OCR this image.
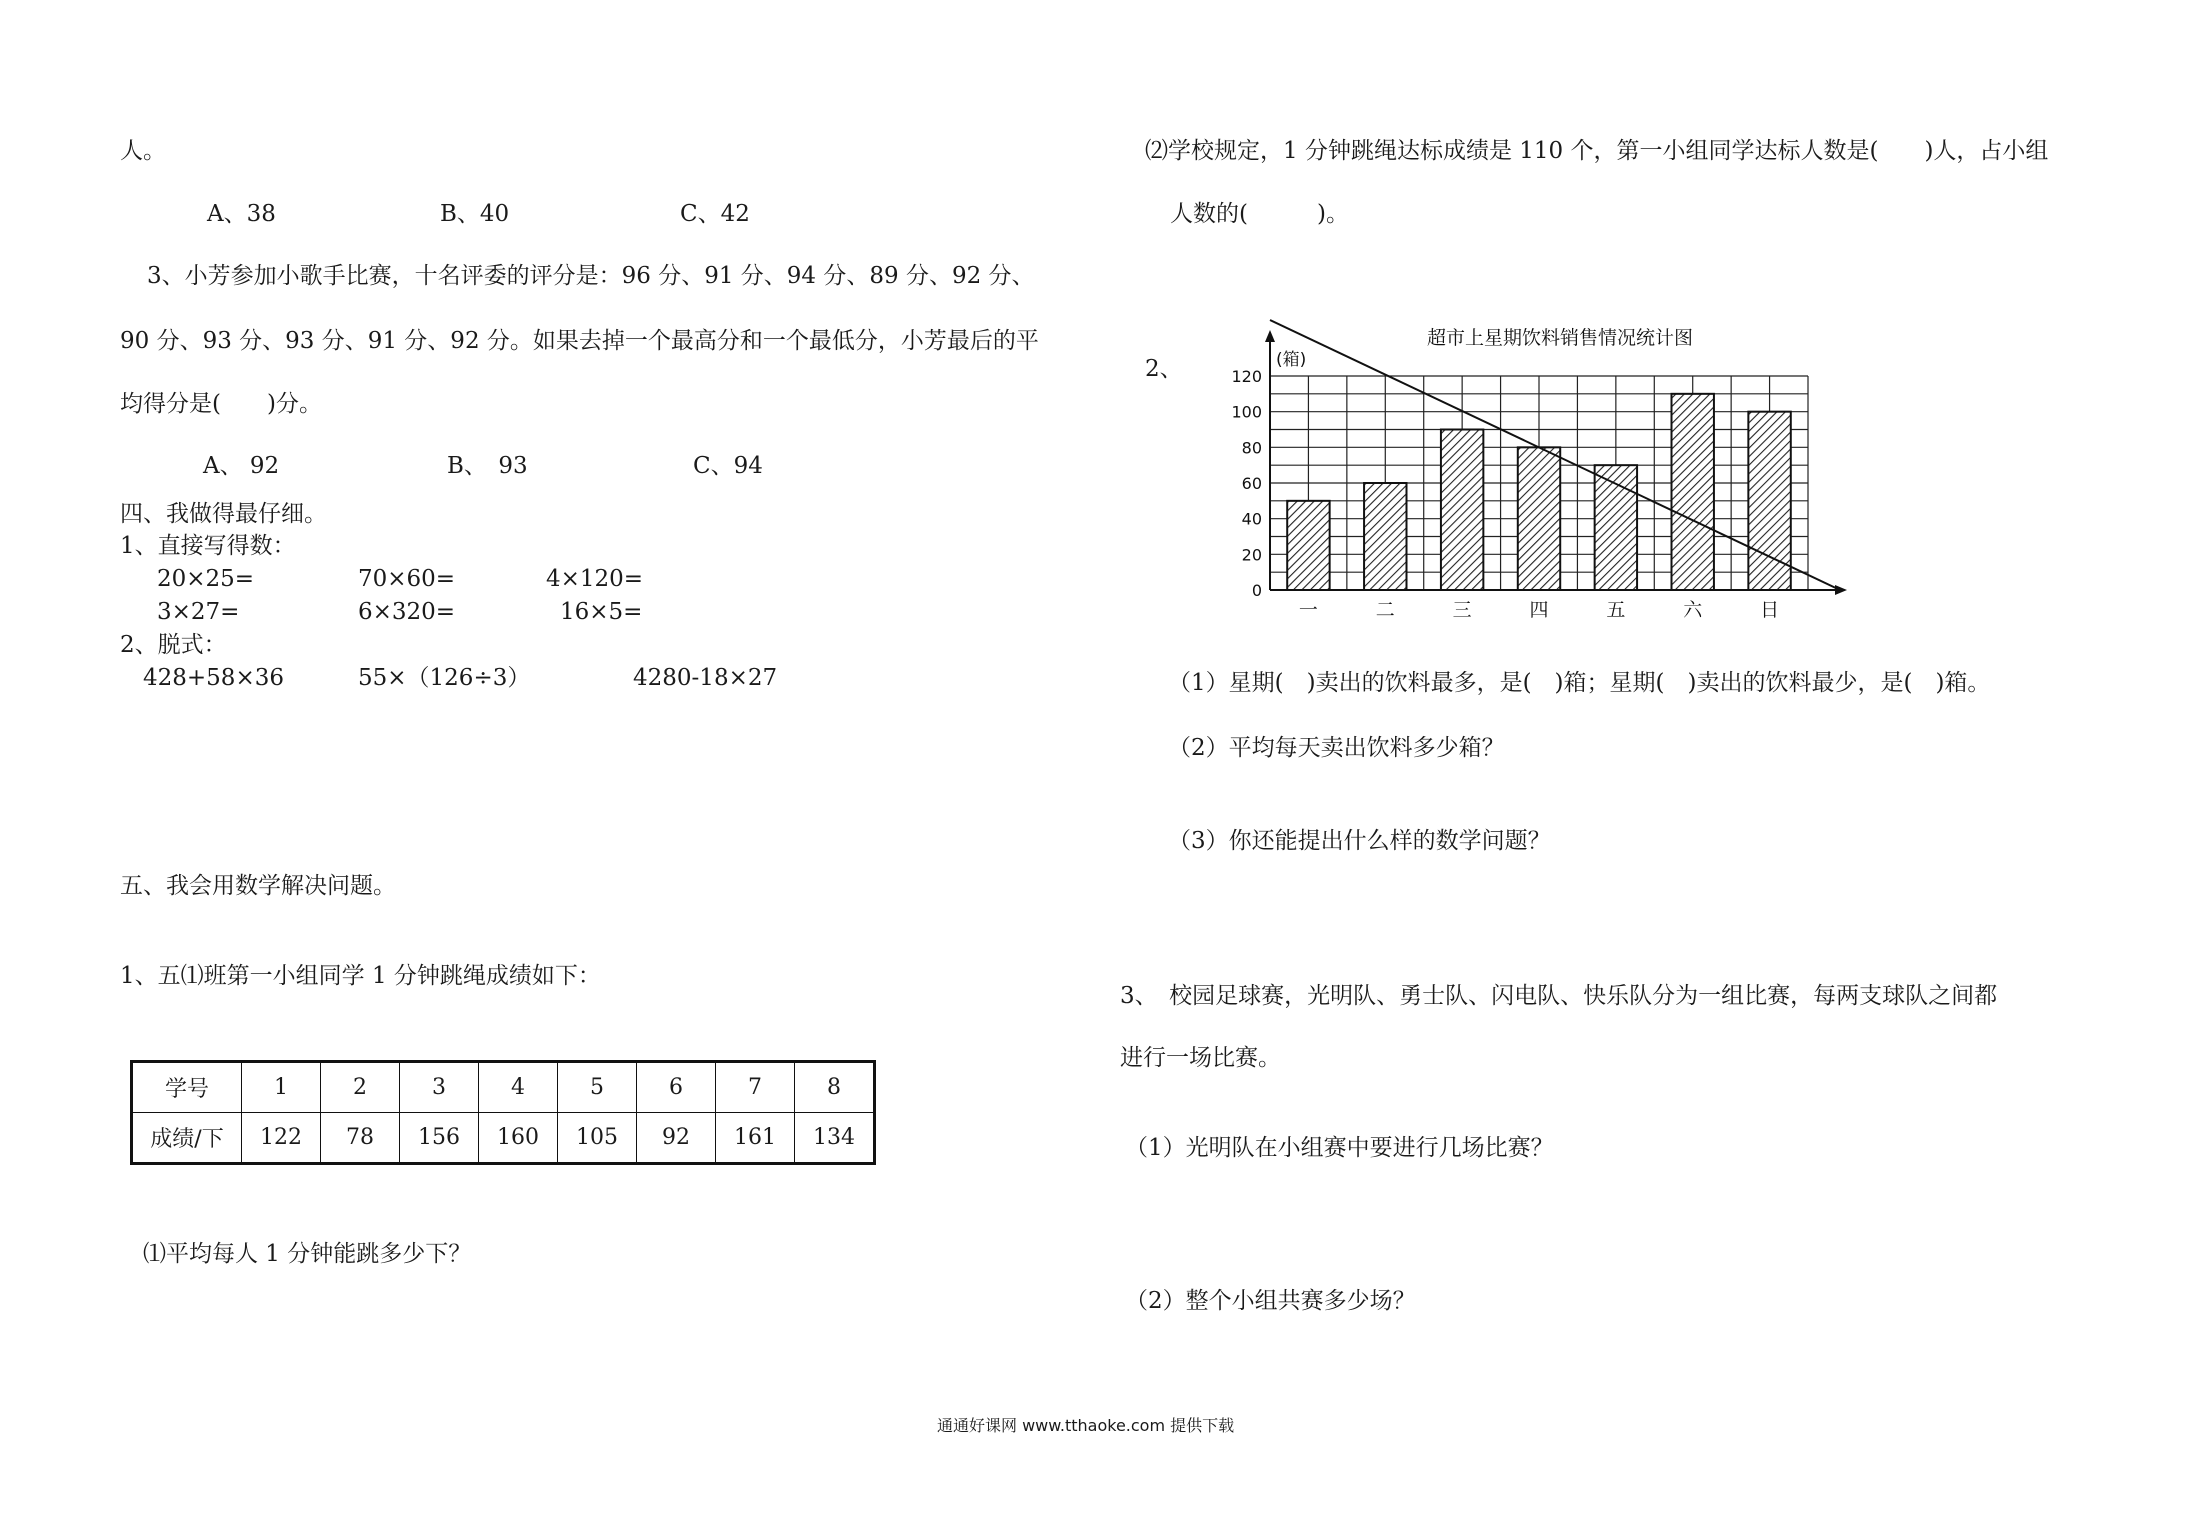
人。
A、38	B、40	C、42
3、小芳参加小歌手比赛，十名评委的评分是：96 分、91 分、94 分、89 分、92 分、
90 分、93 分、93 分、91 分、92 分。如果去掉一个最高分和一个最低分，小芳最后的平
均得分是(　　)分。
A、 92	B、　93	C、94
四、我做得最仔细。
1、直接写得数：
20×25=	70×60=	4×120=
3×27=	6×320=	16×5=
2、脱式：
428+58×36	55×（126÷3）	4280-18×27
五、我会用数学解决问题。
1、五⑴班第一小组同学 1 分钟跳绳成绩如下：
学号	1	2	3	4	5	6	7	8
成绩/下	122	78	156	160	105	92	161	134
⑴平均每人 1 分钟能跳多少下？
⑵学校规定，1 分钟跳绳达标成绩是 110 个，第一小组同学达标人数是(　　)人，占小组
人数的(　　　)。
2、
超市上星期饮料销售情况统计图
(箱)
0
20
40
60
80
100
120
一	二	三	四	五	六	日
（1）星期(　)卖出的饮料最多，是(　)箱；星期(　)卖出的饮料最少，是(　)箱。
（2）平均每天卖出饮料多少箱？
（3）你还能提出什么样的数学问题？
3、　校园足球赛，光明队、勇士队、闪电队、快乐队分为一组比赛，每两支球队之间都
进行一场比赛。
（1）光明队在小组赛中要进行几场比赛？
（2）整个小组共赛多少场？
通通好课网 www.tthaoke.com 提供下载
